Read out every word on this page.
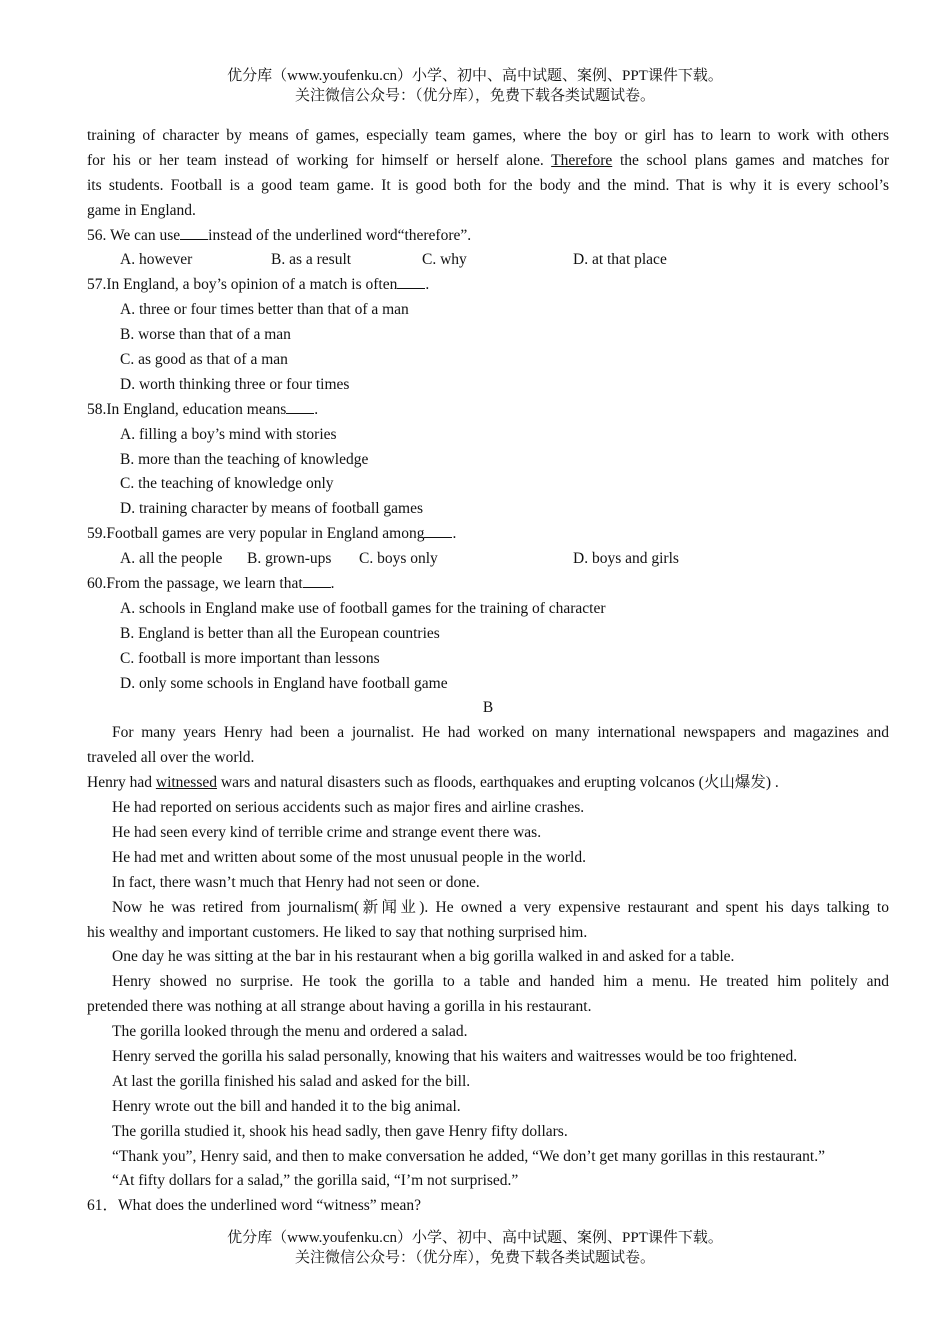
优分库（www.youfenku.cn）小学、初中、高中试题、案例、PPT课件下载。
关注微信公众号：（优分库），免费下载各类试题试卷。
training of character by means of games, especially team games, where the boy or girl has to learn to work with others
for his or her team instead of working for himself or herself alone. Therefore the school plans games and matches for
its students. Football is a good team game. It is good both for the body and the mind. That is why it is every school’s
game in England.
56. We can use instead of the underlined word“therefore”.
A. however	B. as a result	C. why	D. at that place
57.In England, a boy’s opinion of a match is often .
A. three or four times better than that of a man
B. worse than that of a man
C. as good as that of a man
D. worth thinking three or four times
58.In England, education means .
A. filling a boy’s mind with stories
B. more than the teaching of knowledge
C. the teaching of knowledge only
D. training character by means of football games
59.Football games are very popular in England among .
A. all the people B. grown-ups C. boys only	D. boys and girls
60.From the passage, we learn that .
A. schools in England make use of football games for the training of character
B. England is better than all the European countries
C. football is more important than lessons
D. only some schools in England have football game
B
For many years Henry had been a journalist. He had worked on many international newspapers and magazines and
traveled all over the world.
Henry had witnessed wars and natural disasters such as floods, earthquakes and erupting volcanos (火山爆发) .
He had reported on serious accidents such as major fires and airline crashes.
He had seen every kind of terrible crime and strange event there was.
He had met and written about some of the most unusual people in the world.
In fact, there wasn’t much that Henry had not seen or done.
Now he was retired from journalism(新闻业). He owned a very expensive restaurant and spent his days talking to
his wealthy and important customers. He liked to say that nothing surprised him.
One day he was sitting at the bar in his restaurant when a big gorilla walked in and asked for a table.
Henry showed no surprise. He took the gorilla to a table and handed him a menu. He treated him politely and
pretended there was nothing at all strange about having a gorilla in his restaurant.
The gorilla looked through the menu and ordered a salad.
Henry served the gorilla his salad personally, knowing that his waiters and waitresses would be too frightened.
At last the gorilla finished his salad and asked for the bill.
Henry wrote out the bill and handed it to the big animal.
The gorilla studied it, shook his head sadly, then gave Henry fifty dollars.
“Thank you”, Henry said, and then to make conversation he added, “We don’t get many gorillas in this restaurant.”
“At fifty dollars for a salad,” the gorilla said, “I’m not surprised.”
61．What does the underlined word “witness” mean?
优分库（www.youfenku.cn）小学、初中、高中试题、案例、PPT课件下载。
关注微信公众号：（优分库），免费下载各类试题试卷。
